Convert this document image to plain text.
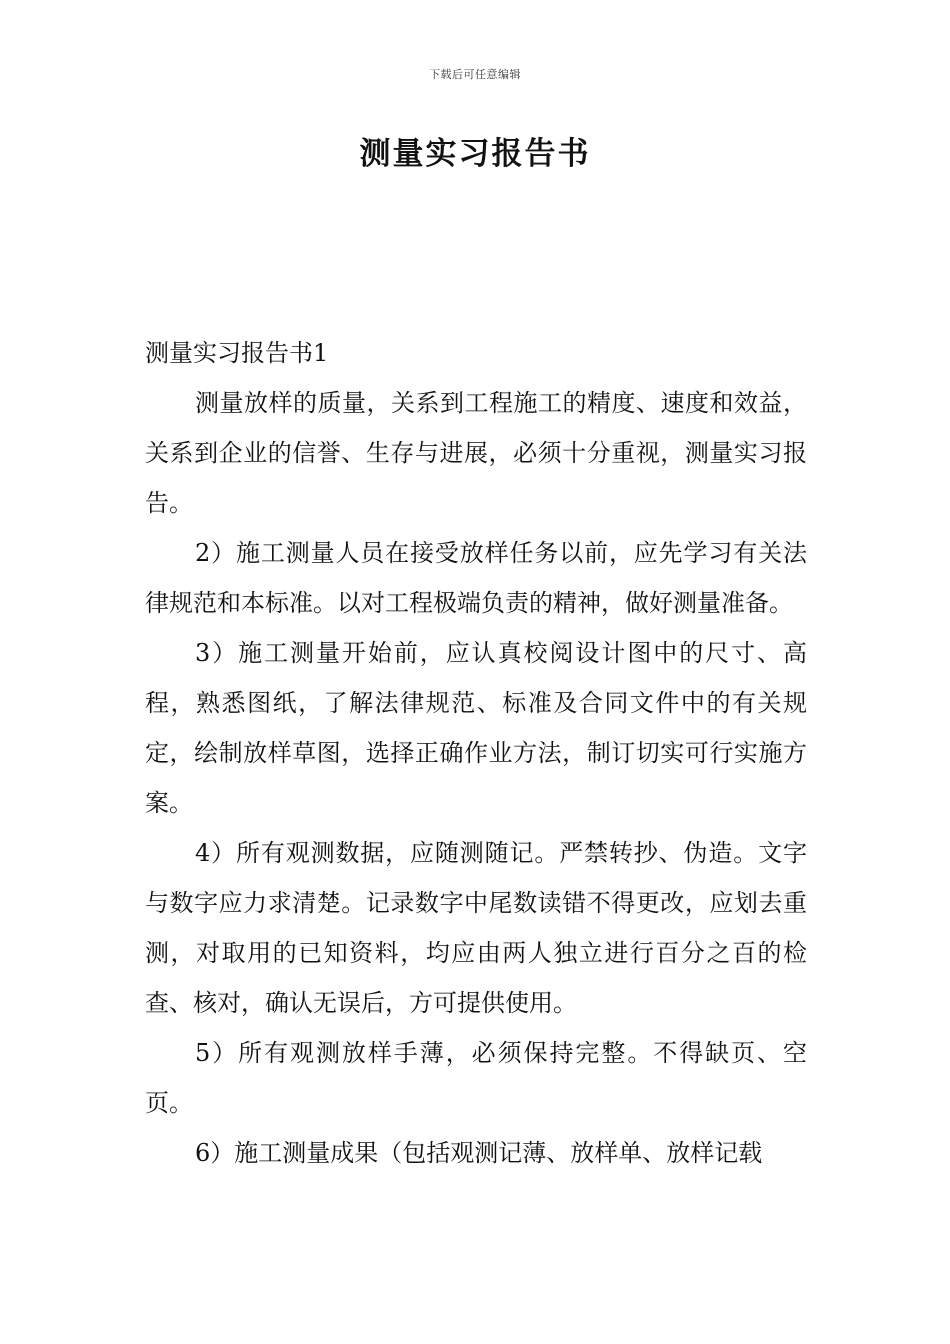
下载后可任意编辑
测量实习报告书

测量实习报告书1

测量放样的质量，关系到工程施工的精度、速度和效益，关系到企业的信誉、生存与进展，必须十分重视，测量实习报告。

2）施工测量人员在接受放样任务以前，应先学习有关法律规范和本标准。以对工程极端负责的精神，做好测量准备。

3）施工测量开始前，应认真校阅设计图中的尺寸、高程，熟悉图纸，了解法律规范、标准及合同文件中的有关规定，绘制放样草图，选择正确作业方法，制订切实可行实施方案。

4）所有观测数据，应随测随记。严禁转抄、伪造。文字与数字应力求清楚。记录数字中尾数读错不得更改，应划去重测，对取用的已知资料，均应由两人独立进行百分之百的检查、核对，确认无误后，方可提供使用。

5）所有观测放样手薄，必须保持完整。不得缺页、空页。

6）施工测量成果（包括观测记薄、放样单、放样记载
